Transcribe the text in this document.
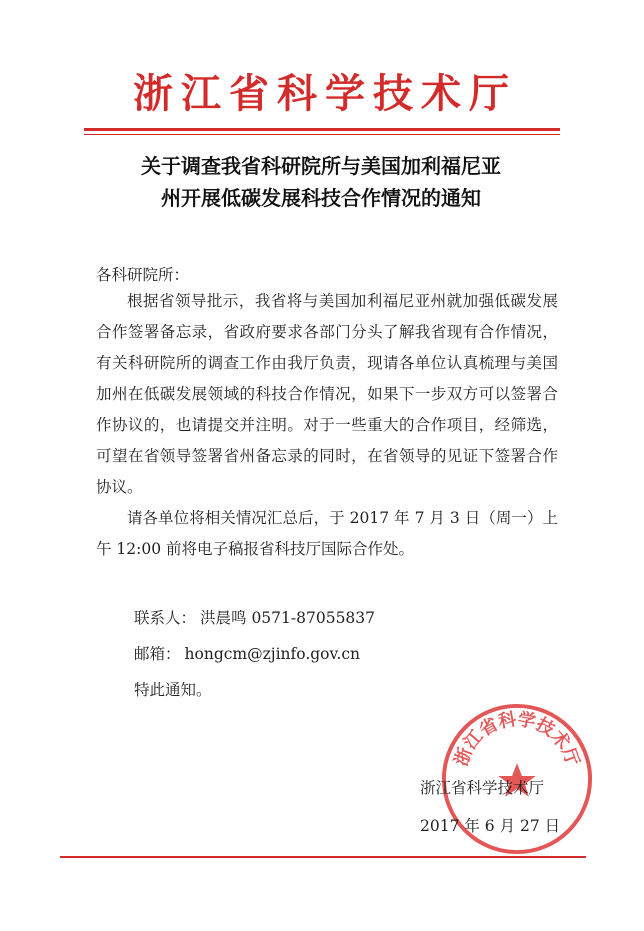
浙江省科学技术厅
关于调查我省科研院所与美国加利福尼亚
州开展低碳发展科技合作情况的通知
各科研院所：

根据省领导批示，我省将与美国加利福尼亚州就加强低碳发展合作签署备忘录，省政府要求各部门分头了解我省现有合作情况，有关科研院所的调查工作由我厅负责，现请各单位认真梳理与美国加州在低碳发展领域的科技合作情况，如果下一步双方可以签署合作协议的，也请提交并注明。对于一些重大的合作项目，经筛选，可望在省领导签署省州备忘录的同时，在省领导的见证下签署合作协议。

请各单位将相关情况汇总后，于 2017 年 7 月 3 日（周一）上午 12:00 前将电子稿报省科技厅国际合作处。

联系人： 洪晨鸣 0571-87055837
邮箱： hongcm@zjinfo.gov.cn
特此通知。
浙江省科学技术厅
浙江省科学技术厅
2017 年 6 月 27 日
